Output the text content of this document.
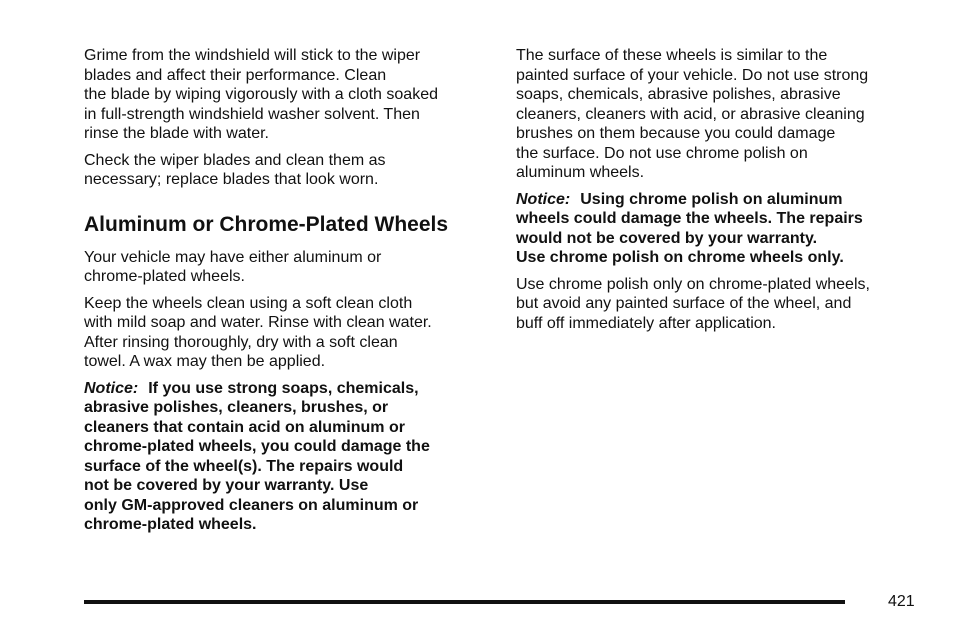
Grime from the windshield will stick to the wiper
blades and affect their performance. Clean
the blade by wiping vigorously with a cloth soaked
in full-strength windshield washer solvent. Then
rinse the blade with water.

Check the wiper blades and clean them as
necessary; replace blades that look worn.

Aluminum or Chrome-Plated Wheels

Your vehicle may have either aluminum or
chrome-plated wheels.

Keep the wheels clean using a soft clean cloth
with mild soap and water. Rinse with clean water.
After rinsing thoroughly, dry with a soft clean
towel. A wax may then be applied.

Notice: If you use strong soaps, chemicals,
abrasive polishes, cleaners, brushes, or
cleaners that contain acid on aluminum or
chrome-plated wheels, you could damage the
surface of the wheel(s). The repairs would
not be covered by your warranty. Use
only GM-approved cleaners on aluminum or
chrome-plated wheels.

The surface of these wheels is similar to the
painted surface of your vehicle. Do not use strong
soaps, chemicals, abrasive polishes, abrasive
cleaners, cleaners with acid, or abrasive cleaning
brushes on them because you could damage
the surface. Do not use chrome polish on
aluminum wheels.

Notice: Using chrome polish on aluminum
wheels could damage the wheels. The repairs
would not be covered by your warranty.
Use chrome polish on chrome wheels only.

Use chrome polish only on chrome-plated wheels,
but avoid any painted surface of the wheel, and
buff off immediately after application.

421
